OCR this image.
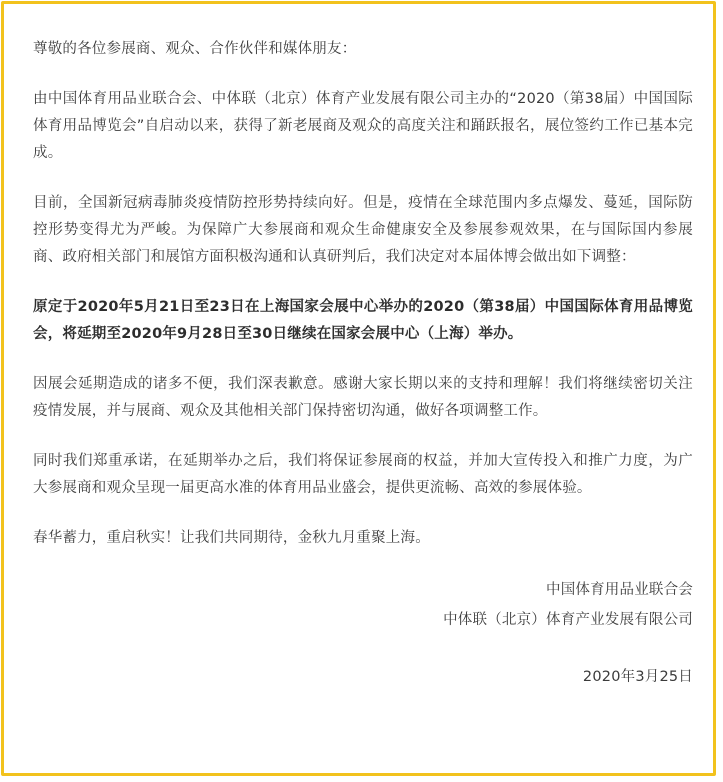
尊敬的各位参展商、观众、合作伙伴和媒体朋友：

由中国体育用品业联合会、中体联（北京）体育产业发展有限公司主办的“2020（第38届）中国国际体育用品博览会”自启动以来，获得了新老展商及观众的高度关注和踊跃报名，展位签约工作已基本完成。

目前，全国新冠病毒肺炎疫情防控形势持续向好。但是，疫情在全球范围内多点爆发、蔓延，国际防控形势变得尤为严峻。为保障广大参展商和观众生命健康安全及参展参观效果，在与国际国内参展商、政府相关部门和展馆方面积极沟通和认真研判后，我们决定对本届体博会做出如下调整：

原定于2020年5月21日至23日在上海国家会展中心举办的2020（第38届）中国国际体育用品博览会，将延期至2020年9月28日至30日继续在国家会展中心（上海）举办。

因展会延期造成的诸多不便，我们深表歉意。感谢大家长期以来的支持和理解！我们将继续密切关注疫情发展，并与展商、观众及其他相关部门保持密切沟通，做好各项调整工作。

同时我们郑重承诺，在延期举办之后，我们将保证参展商的权益，并加大宣传投入和推广力度，为广大参展商和观众呈现一届更高水准的体育用品业盛会，提供更流畅、高效的参展体验。

春华蓄力，重启秋实！让我们共同期待，金秋九月重聚上海。

中国体育用品业联合会

中体联（北京）体育产业发展有限公司

2020年3月25日
